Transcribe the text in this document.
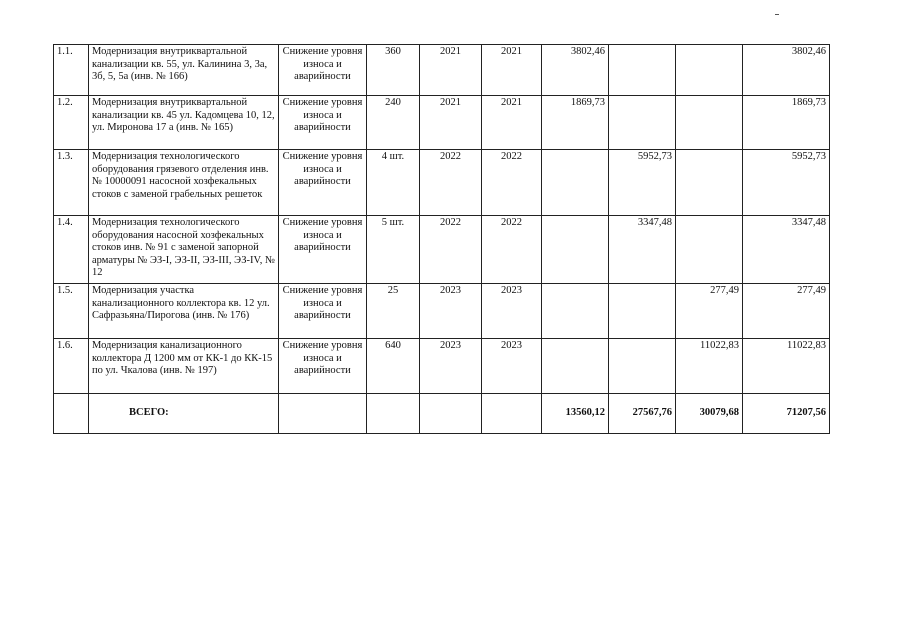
1.1.	Модернизация внутриквартальной канализации кв. 55, ул. Калинина 3, 3а, 3б, 5, 5а (инв. № 166)	Снижение уровня износа и аварийности	360	2021	2021	3802,46			3802,46
1.2.	Модернизация внутриквартальной канализации кв. 45 ул. Кадомцева 10, 12, ул. Миронова 17 а (инв. № 165)	Снижение уровня износа и аварийности	240	2021	2021	1869,73			1869,73
1.3.	Модернизация технологического оборудования грязевого отделения инв. № 10000091 насосной хозфекальных стоков с заменой грабельных решеток	Снижение уровня износа и аварийности	4 шт.	2022	2022		5952,73		5952,73
1.4.	Модернизация технологического оборудования насосной хозфекальных стоков инв. № 91 с заменой запорной арматуры № ЭЗ-I, ЭЗ-II, ЭЗ-III, ЭЗ-IV, № 12	Снижение уровня износа и аварийности	5 шт.	2022	2022		3347,48		3347,48
1.5.	Модернизация участка канализационного коллектора кв. 12 ул. Сафразьяна/Пирогова (инв. № 176)	Снижение уровня износа и аварийности	25	2023	2023			277,49	277,49
1.6.	Модернизация канализационного коллектора Д 1200 мм от КК-1 до КК-15 по ул. Чкалова (инв. № 197)	Снижение уровня износа и аварийности	640	2023	2023			11022,83	11022,83
	ВСЕГО:					13560,12	27567,76	30079,68	71207,56
